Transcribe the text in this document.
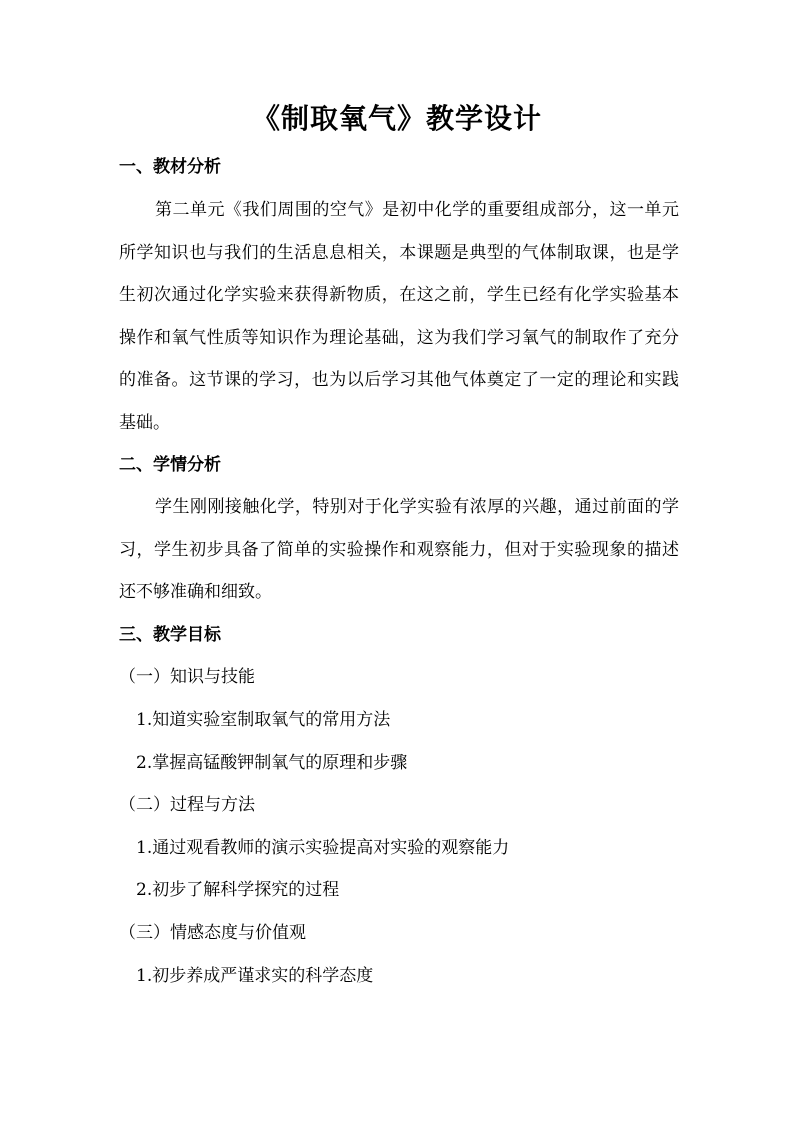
《制取氧气》教学设计
一、教材分析
第二单元《我们周围的空气》是初中化学的重要组成部分，这一单元所学知识也与我们的生活息息相关，本课题是典型的气体制取课，也是学生初次通过化学实验来获得新物质，在这之前，学生已经有化学实验基本操作和氧气性质等知识作为理论基础，这为我们学习氧气的制取作了充分的准备。这节课的学习，也为以后学习其他气体奠定了一定的理论和实践基础。
二、学情分析
学生刚刚接触化学，特别对于化学实验有浓厚的兴趣，通过前面的学习，学生初步具备了简单的实验操作和观察能力，但对于实验现象的描述还不够准确和细致。
三、教学目标
（一）知识与技能
1.知道实验室制取氧气的常用方法
2.掌握高锰酸钾制氧气的原理和步骤
（二）过程与方法
1.通过观看教师的演示实验提高对实验的观察能力
2.初步了解科学探究的过程
（三）情感态度与价值观
1.初步养成严谨求实的科学态度
